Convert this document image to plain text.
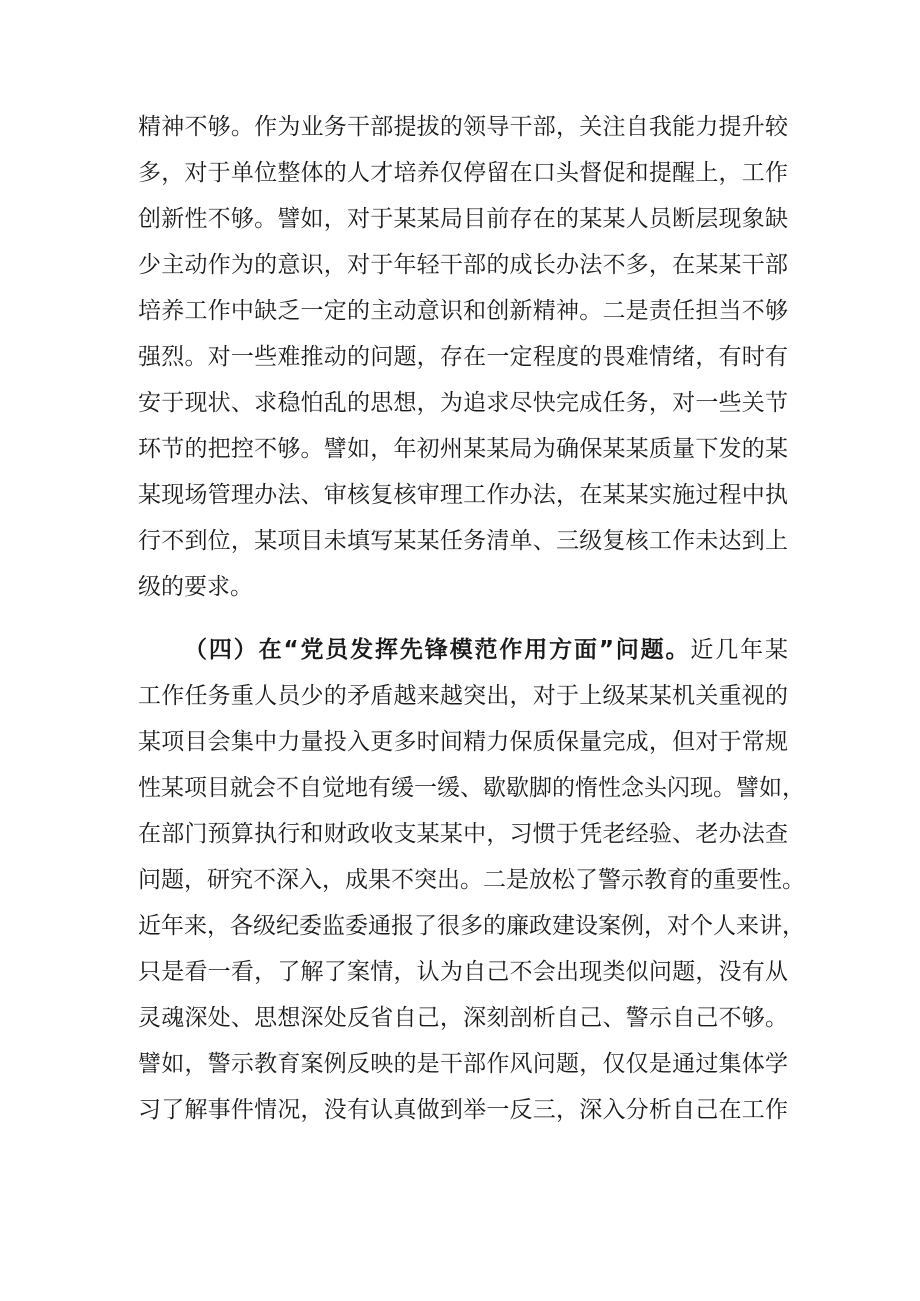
精神不够。作为业务干部提拔的领导干部，关注自我能力提升较
多，对于单位整体的人才培养仅停留在口头督促和提醒上，工作
创新性不够。譬如，对于某某局目前存在的某某人员断层现象缺
少主动作为的意识，对于年轻干部的成长办法不多，在某某干部
培养工作中缺乏一定的主动意识和创新精神。二是责任担当不够
强烈。对一些难推动的问题，存在一定程度的畏难情绪，有时有
安于现状、求稳怕乱的思想，为追求尽快完成任务，对一些关节
环节的把控不够。譬如，年初州某某局为确保某某质量下发的某
某现场管理办法、审核复核审理工作办法，在某某实施过程中执
行不到位，某项目未填写某某任务清单、三级复核工作未达到上
级的要求。
（四）在“党员发挥先锋模范作用方面”问题。近几年某
工作任务重人员少的矛盾越来越突出，对于上级某某机关重视的
某项目会集中力量投入更多时间精力保质保量完成，但对于常规
性某项目就会不自觉地有缓一缓、歇歇脚的惰性念头闪现。譬如，
在部门预算执行和财政收支某某中，习惯于凭老经验、老办法查
问题，研究不深入，成果不突出。二是放松了警示教育的重要性。
近年来，各级纪委监委通报了很多的廉政建设案例，对个人来讲，
只是看一看，了解了案情，认为自己不会出现类似问题，没有从
灵魂深处、思想深处反省自己，深刻剖析自己、警示自己不够。
譬如，警示教育案例反映的是干部作风问题，仅仅是通过集体学
习了解事件情况，没有认真做到举一反三，深入分析自己在工作
